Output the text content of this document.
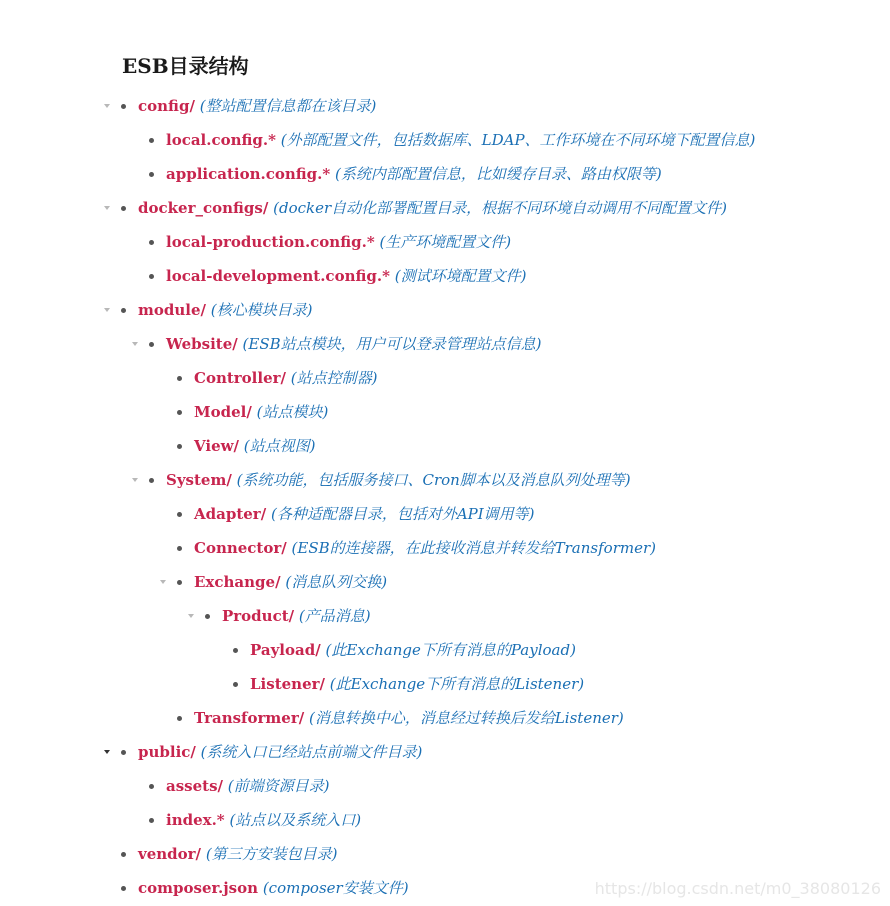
ESB目录结构
config/ (整站配置信息都在该目录)
local.config.* (外部配置文件，包括数据库、LDAP、工作环境在不同环境下配置信息)
application.config.* (系统内部配置信息，比如缓存目录、路由权限等)
docker_configs/ (docker自动化部署配置目录，根据不同环境自动调用不同配置文件)
local-production.config.* (生产环境配置文件)
local-development.config.* (测试环境配置文件)
module/ (核心模块目录)
Website/ (ESB站点模块，用户可以登录管理站点信息)
Controller/ (站点控制器)
Model/ (站点模块)
View/ (站点视图)
System/ (系统功能，包括服务接口、Cron脚本以及消息队列处理等)
Adapter/ (各种适配器目录，包括对外API调用等)
Connector/ (ESB的连接器，在此接收消息并转发给Transformer)
Exchange/ (消息队列交换)
Product/ (产品消息)
Payload/ (此Exchange下所有消息的Payload)
Listener/ (此Exchange下所有消息的Listener)
Transformer/ (消息转换中心，消息经过转换后发给Listener)
public/ (系统入口已经站点前端文件目录)
assets/ (前端资源目录)
index.* (站点以及系统入口)
vendor/ (第三方安装包目录)
composer.json (composer安装文件)	https://blog.csdn.net/m0_38080126
